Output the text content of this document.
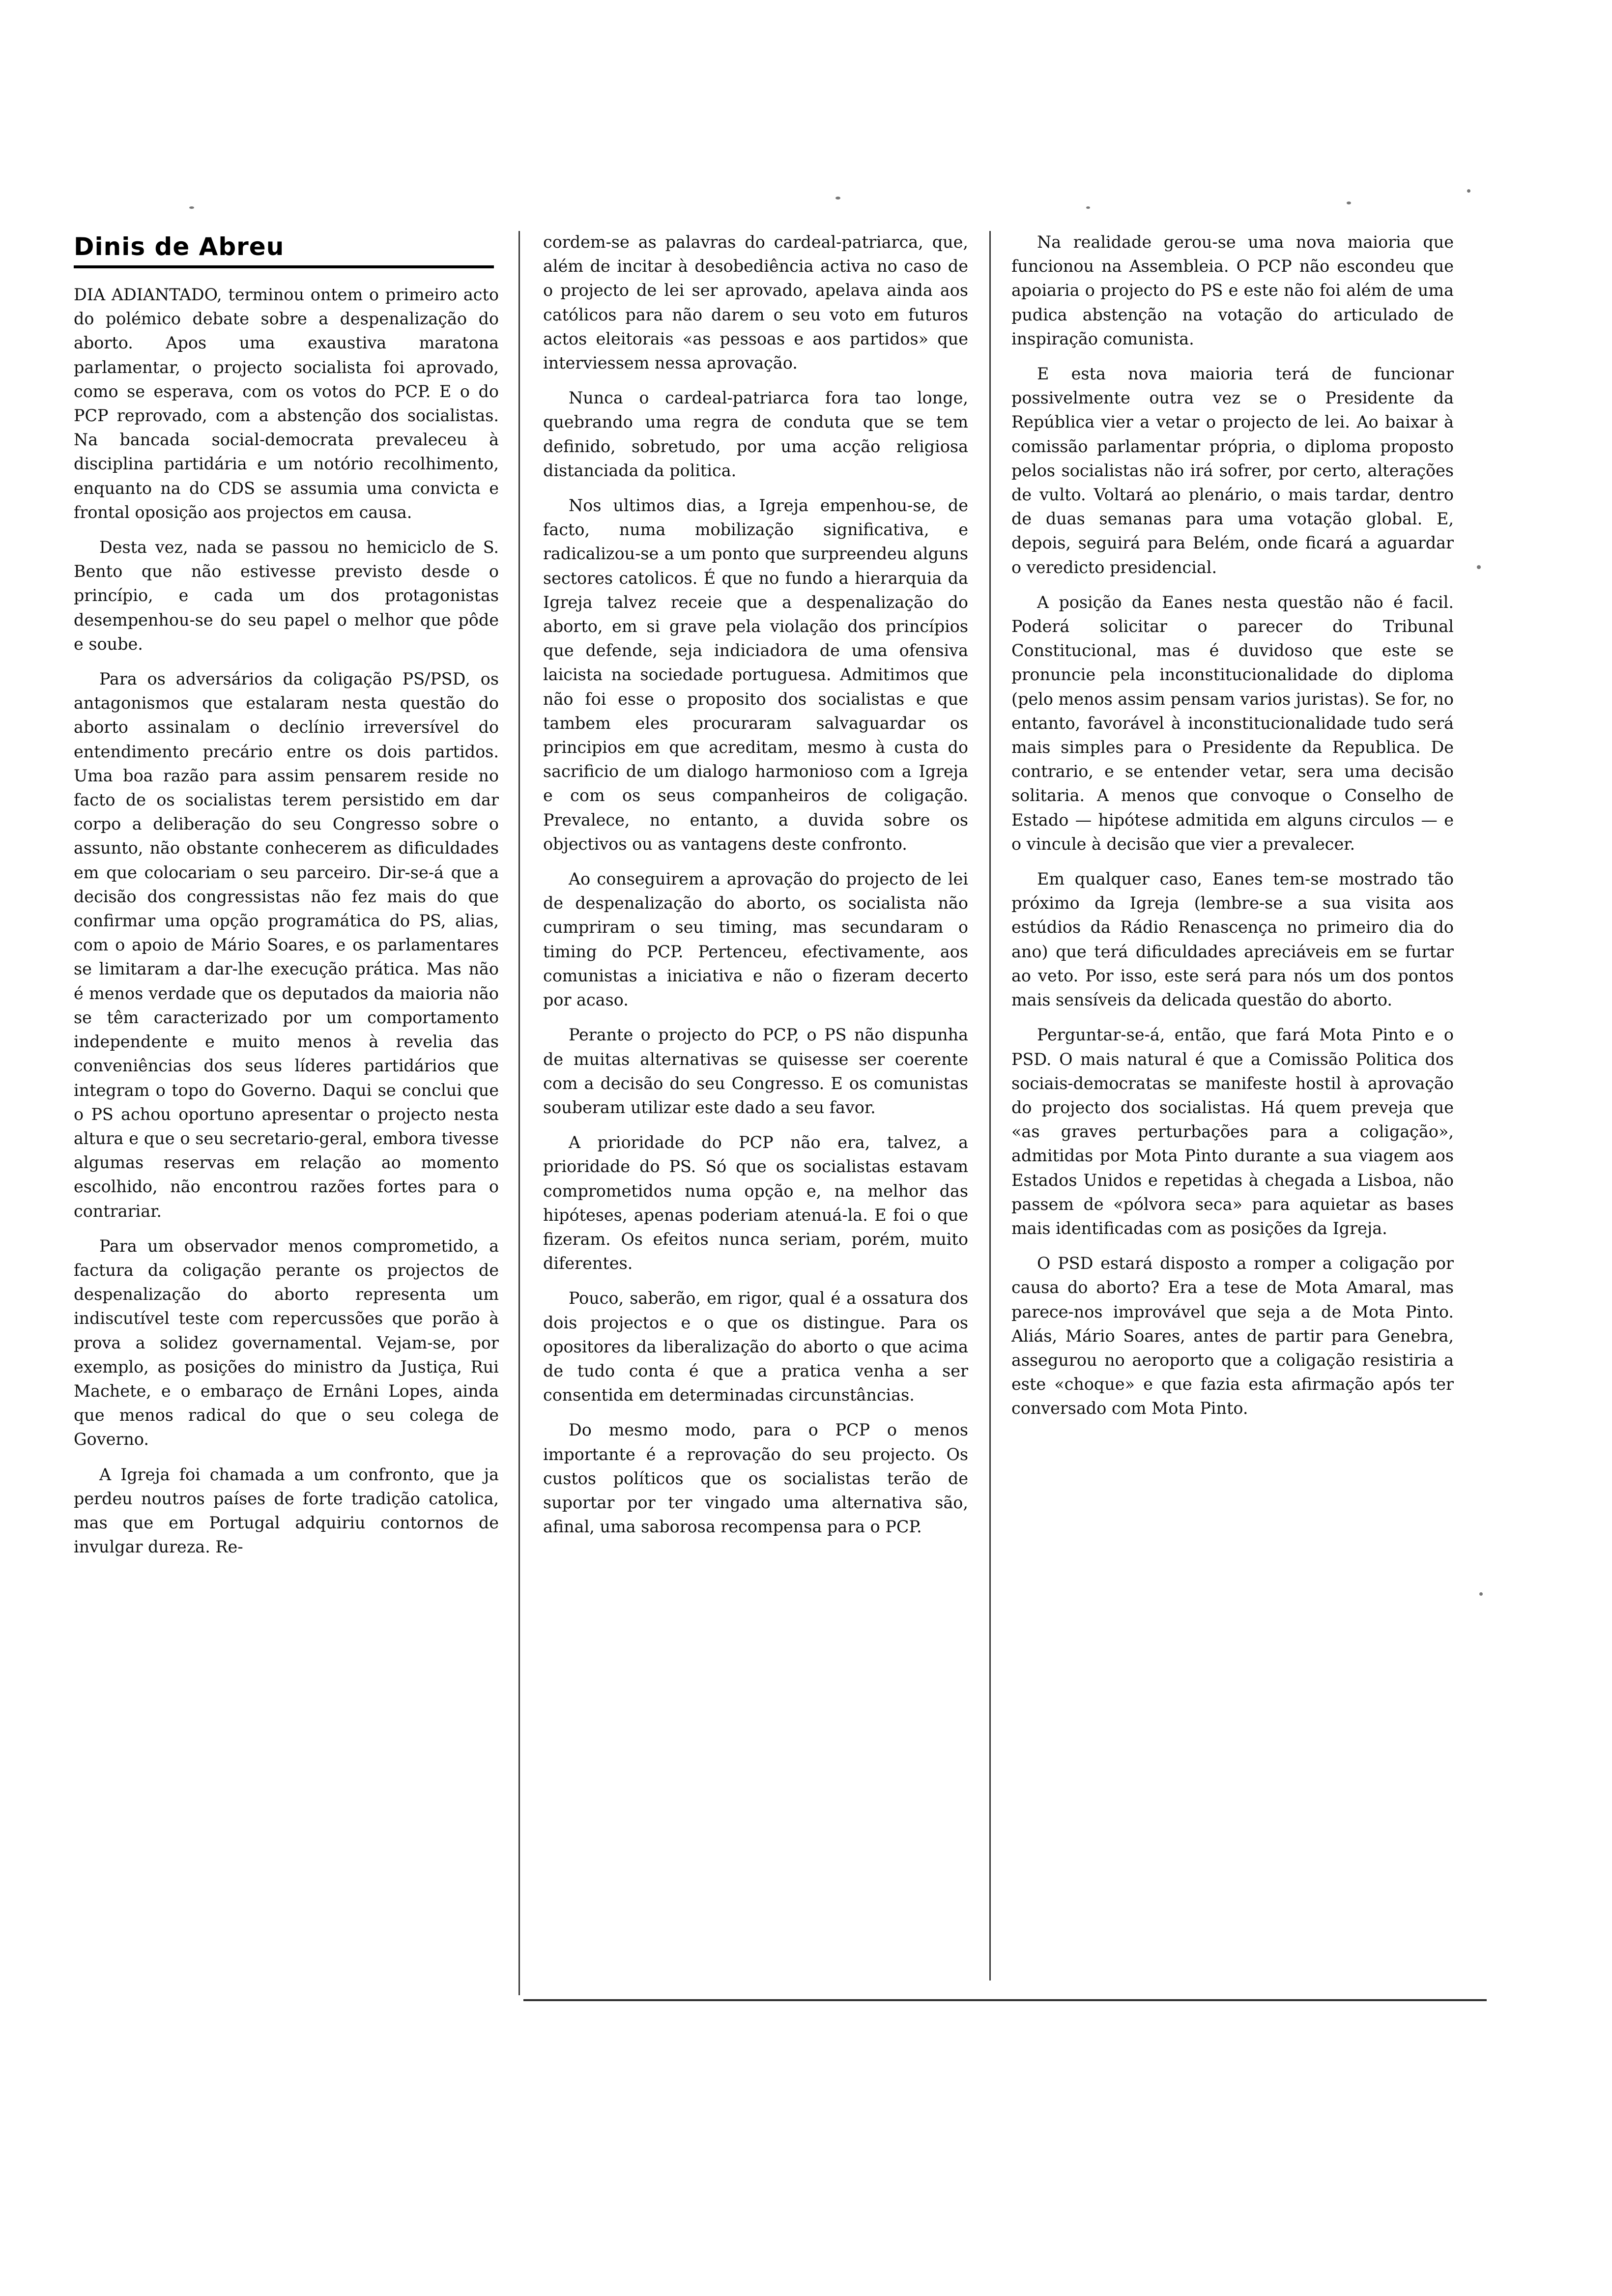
Dinis de Abreu

DIA ADIANTADO, terminou ontem o primeiro acto do polémico debate sobre a despenalização do aborto. Apos uma exaustiva maratona parlamentar, o projecto socialista foi aprovado, como se esperava, com os votos do PCP. E o do PCP reprovado, com a abstenção dos socialistas. Na bancada social-democrata prevaleceu à disciplina partidária e um notório recolhimento, enquanto na do CDS se assumia uma convicta e frontal oposição aos projectos em causa.

Desta vez, nada se passou no hemiciclo de S. Bento que não estivesse previsto desde o princípio, e cada um dos protagonistas desempenhou-se do seu papel o melhor que pôde e soube.

Para os adversários da coligação PS/PSD, os antagonismos que estalaram nesta questão do aborto assinalam o declínio irreversível do entendimento precário entre os dois partidos. Uma boa razão para assim pensarem reside no facto de os socialistas terem persistido em dar corpo a deliberação do seu Congresso sobre o assunto, não obstante conhecerem as dificuldades em que colocariam o seu parceiro. Dir-se-á que a decisão dos congressistas não fez mais do que confirmar uma opção programática do PS, alias, com o apoio de Mário Soares, e os parlamentares se limitaram a dar-lhe execução prática. Mas não é menos verdade que os deputados da maioria não se têm caracterizado por um comportamento independente e muito menos à revelia das conveniências dos seus líderes partidários que integram o topo do Governo. Daqui se conclui que o PS achou oportuno apresentar o projecto nesta altura e que o seu secretario-geral, embora tivesse algumas reservas em relação ao momento escolhido, não encontrou razões fortes para o contrariar.

Para um observador menos comprometido, a factura da coligação perante os projectos de despenalização do aborto representa um indiscutível teste com repercussões que porão à prova a solidez governamental. Vejam-se, por exemplo, as posições do ministro da Justiça, Rui Machete, e o embaraço de Ernâni Lopes, ainda que menos radical do que o seu colega de Governo.

A Igreja foi chamada a um confronto, que ja perdeu noutros países de forte tradição catolica, mas que em Portugal adquiriu contornos de invulgar dureza. Re-

cordem-se as palavras do cardeal-patriarca, que, além de incitar à desobediência activa no caso de o projecto de lei ser aprovado, apelava ainda aos católicos para não darem o seu voto em futuros actos eleitorais «as pessoas e aos partidos» que interviessem nessa aprovação.

Nunca o cardeal-patriarca fora tao longe, quebrando uma regra de conduta que se tem definido, sobretudo, por uma acção religiosa distanciada da politica.

Nos ultimos dias, a Igreja empenhou-se, de facto, numa mobilização significativa, e radicalizou-se a um ponto que surpreendeu alguns sectores catolicos. É que no fundo a hierarquia da Igreja talvez receie que a despenalização do aborto, em si grave pela violação dos princípios que defende, seja indiciadora de uma ofensiva laicista na sociedade portuguesa. Admitimos que não foi esse o proposito dos socialistas e que tambem eles procuraram salvaguardar os principios em que acreditam, mesmo à custa do sacrificio de um dialogo harmonioso com a Igreja e com os seus companheiros de coligação. Prevalece, no entanto, a duvida sobre os objectivos ou as vantagens deste confronto.

Ao conseguirem a aprovação do projecto de lei de despenalização do aborto, os socialista não cumpriram o seu timing, mas secundaram o timing do PCP. Pertenceu, efectivamente, aos comunistas a iniciativa e não o fizeram decerto por acaso.

Perante o projecto do PCP, o PS não dispunha de muitas alternativas se quisesse ser coerente com a decisão do seu Congresso. E os comunistas souberam utilizar este dado a seu favor.

A prioridade do PCP não era, talvez, a prioridade do PS. Só que os socialistas estavam comprometidos numa opção e, na melhor das hipóteses, apenas poderiam atenuá-la. E foi o que fizeram. Os efeitos nunca seriam, porém, muito diferentes.

Pouco, saberão, em rigor, qual é a ossatura dos dois projectos e o que os distingue. Para os opositores da liberalização do aborto o que acima de tudo conta é que a pratica venha a ser consentida em determinadas circunstâncias.

Do mesmo modo, para o PCP o menos importante é a reprovação do seu projecto. Os custos políticos que os socialistas terão de suportar por ter vingado uma alternativa são, afinal, uma saborosa recompensa para o PCP.

Na realidade gerou-se uma nova maioria que funcionou na Assembleia. O PCP não escondeu que apoiaria o projecto do PS e este não foi além de uma pudica abstenção na votação do articulado de inspiração comunista.

E esta nova maioria terá de funcionar possivelmente outra vez se o Presidente da República vier a vetar o projecto de lei. Ao baixar à comissão parlamentar própria, o diploma proposto pelos socialistas não irá sofrer, por certo, alterações de vulto. Voltará ao plenário, o mais tardar, dentro de duas semanas para uma votação global. E, depois, seguirá para Belém, onde ficará a aguardar o veredicto presidencial.

A posição da Eanes nesta questão não é facil. Poderá solicitar o parecer do Tribunal Constitucional, mas é duvidoso que este se pronuncie pela inconstitucionalidade do diploma (pelo menos assim pensam varios juristas). Se for, no entanto, favorável à inconstitucionalidade tudo será mais simples para o Presidente da Republica. De contrario, e se entender vetar, sera uma decisão solitaria. A menos que convoque o Conselho de Estado — hipótese admitida em alguns circulos — e o vincule à decisão que vier a prevalecer.

Em qualquer caso, Eanes tem-se mostrado tão próximo da Igreja (lembre-se a sua visita aos estúdios da Rádio Renascença no primeiro dia do ano) que terá dificuldades apreciáveis em se furtar ao veto. Por isso, este será para nós um dos pontos mais sensíveis da delicada questão do aborto.

Perguntar-se-á, então, que fará Mota Pinto e o PSD. O mais natural é que a Comissão Politica dos sociais-democratas se manifeste hostil à aprovação do projecto dos socialistas. Há quem preveja que «as graves perturbações para a coligação», admitidas por Mota Pinto durante a sua viagem aos Estados Unidos e repetidas à chegada a Lisboa, não passem de «pólvora seca» para aquietar as bases mais identificadas com as posições da Igreja.

O PSD estará disposto a romper a coligação por causa do aborto? Era a tese de Mota Amaral, mas parece-nos improvável que seja a de Mota Pinto. Aliás, Mário Soares, antes de partir para Genebra, assegurou no aeroporto que a coligação resistiria a este «choque» e que fazia esta afirmação após ter conversado com Mota Pinto.
